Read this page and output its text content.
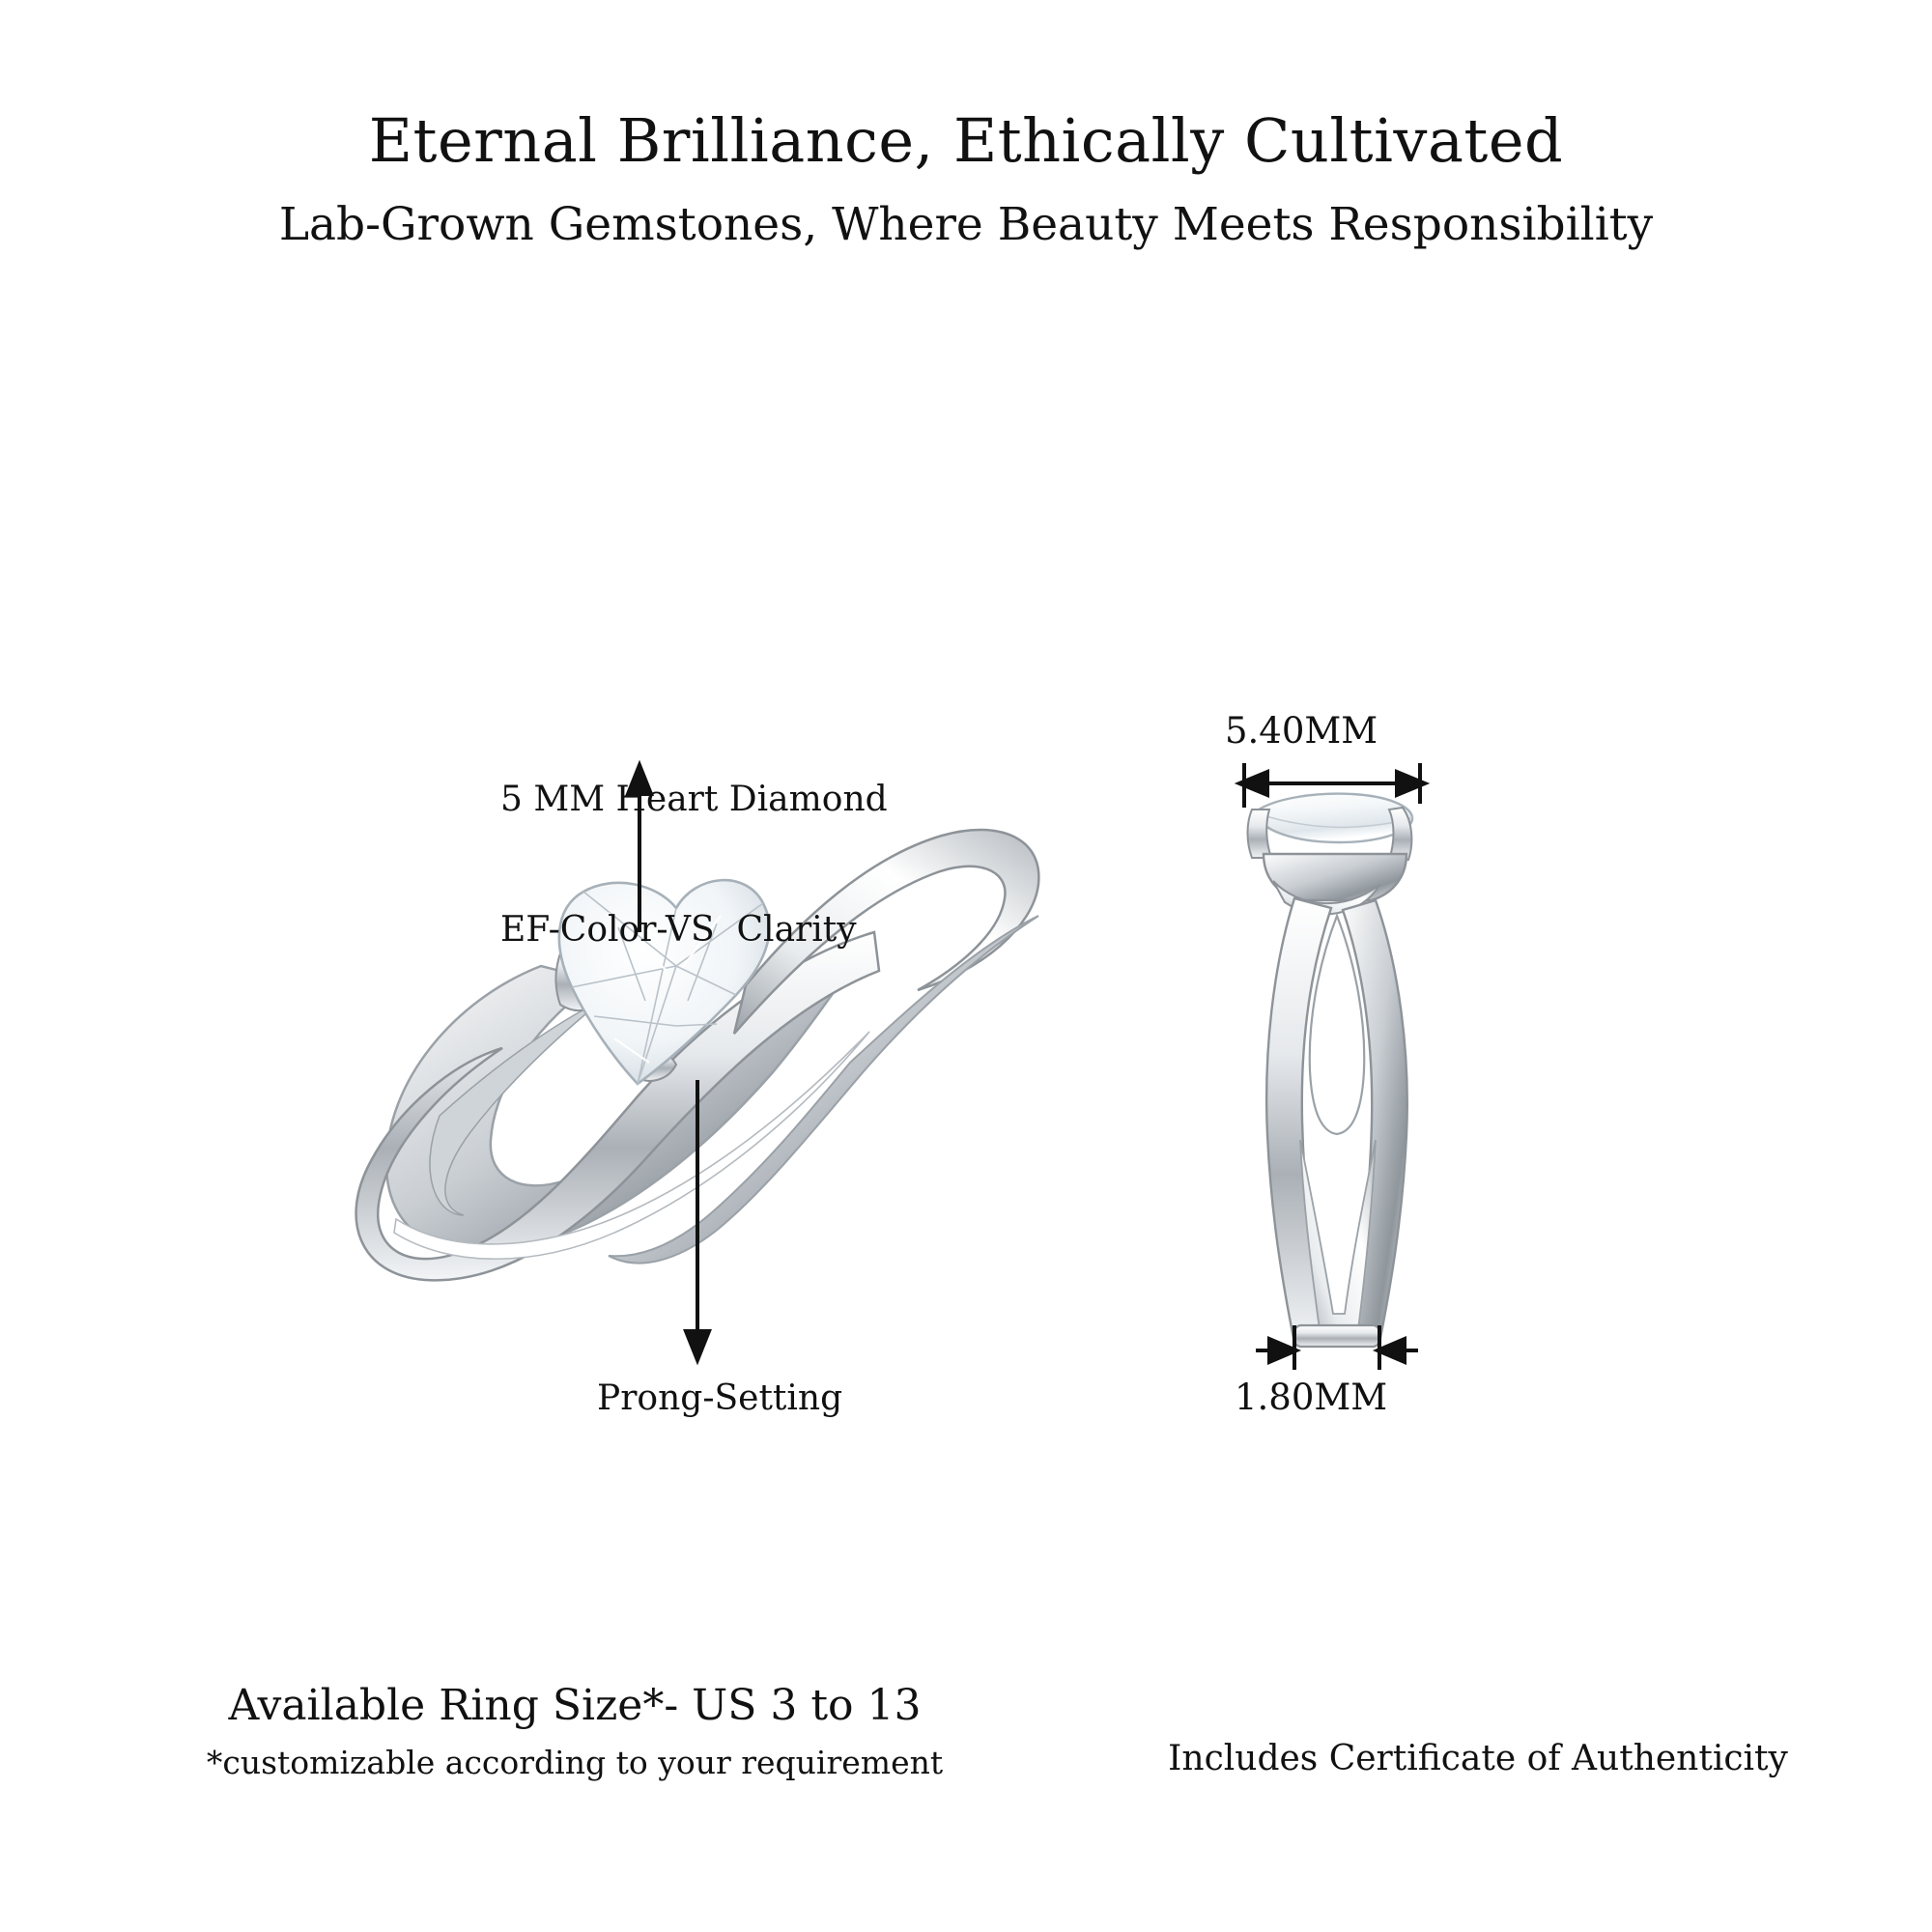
Eternal Brilliance, Ethically Cultivated
Lab-Grown Gemstones, Where Beauty Meets Responsibility

5 MM Heart Diamond

EF-Color-VS  Clarity

Prong-Setting
5.40MM
1.80MM
Available Ring Size*- US 3 to 13
*customizable according to your requirement	Includes Certificate of Authenticity
